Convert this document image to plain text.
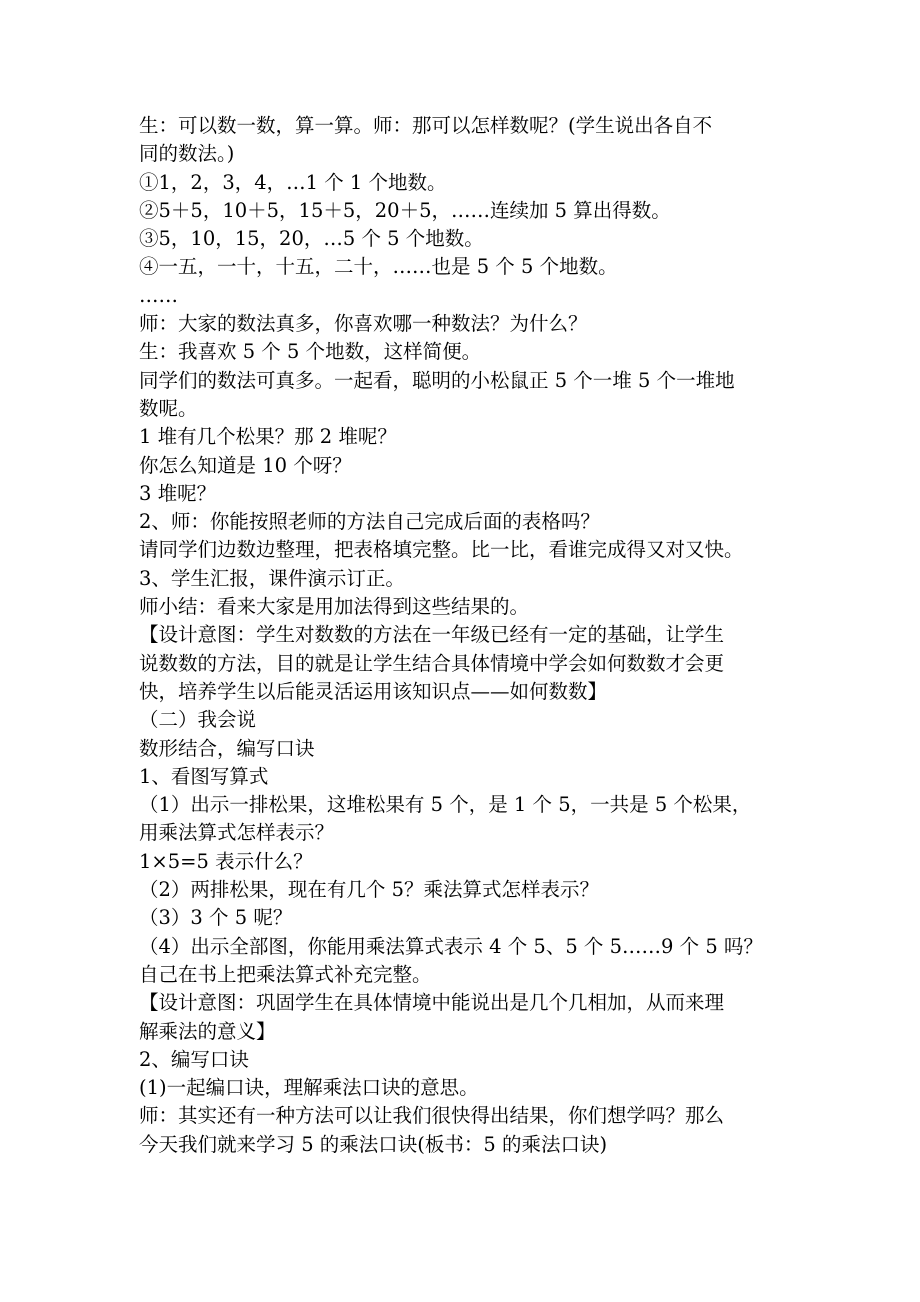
生：可以数一数，算一算。师：那可以怎样数呢？(学生说出各自不
同的数法。)
①1，2，3，4，…1 个 1 个地数。
②5＋5，10＋5，15＋5，20＋5，……连续加 5 算出得数。
③5，10，15，20，…5 个 5 个地数。
④一五，一十，十五，二十，……也是 5 个 5 个地数。
……
师：大家的数法真多，你喜欢哪一种数法？为什么？
生：我喜欢 5 个 5 个地数，这样简便。
同学们的数法可真多。一起看，聪明的小松鼠正 5 个一堆 5 个一堆地
数呢。
1 堆有几个松果？那 2 堆呢？
你怎么知道是 10 个呀？
3 堆呢？
2、师：你能按照老师的方法自己完成后面的表格吗？
请同学们边数边整理，把表格填完整。比一比，看谁完成得又对又快。
3、学生汇报，课件演示订正。
师小结：看来大家是用加法得到这些结果的。
【设计意图：学生对数数的方法在一年级已经有一定的基础，让学生
说数数的方法，目的就是让学生结合具体情境中学会如何数数才会更
快，培养学生以后能灵活运用该知识点——如何数数】
（二）我会说
数形结合，编写口诀
1、看图写算式
（1）出示一排松果，这堆松果有 5 个，是 1 个 5，一共是 5 个松果，
用乘法算式怎样表示？
1×5=5 表示什么？
（2）两排松果，现在有几个 5？乘法算式怎样表示？
（3）3 个 5 呢？
（4）出示全部图，你能用乘法算式表示 4 个 5、5 个 5……9 个 5 吗？
自己在书上把乘法算式补充完整。
【设计意图：巩固学生在具体情境中能说出是几个几相加，从而来理
解乘法的意义】
2、编写口诀
(1)一起编口诀，理解乘法口诀的意思。
师：其实还有一种方法可以让我们很快得出结果，你们想学吗？那么
今天我们就来学习 5 的乘法口诀(板书：5 的乘法口诀)
